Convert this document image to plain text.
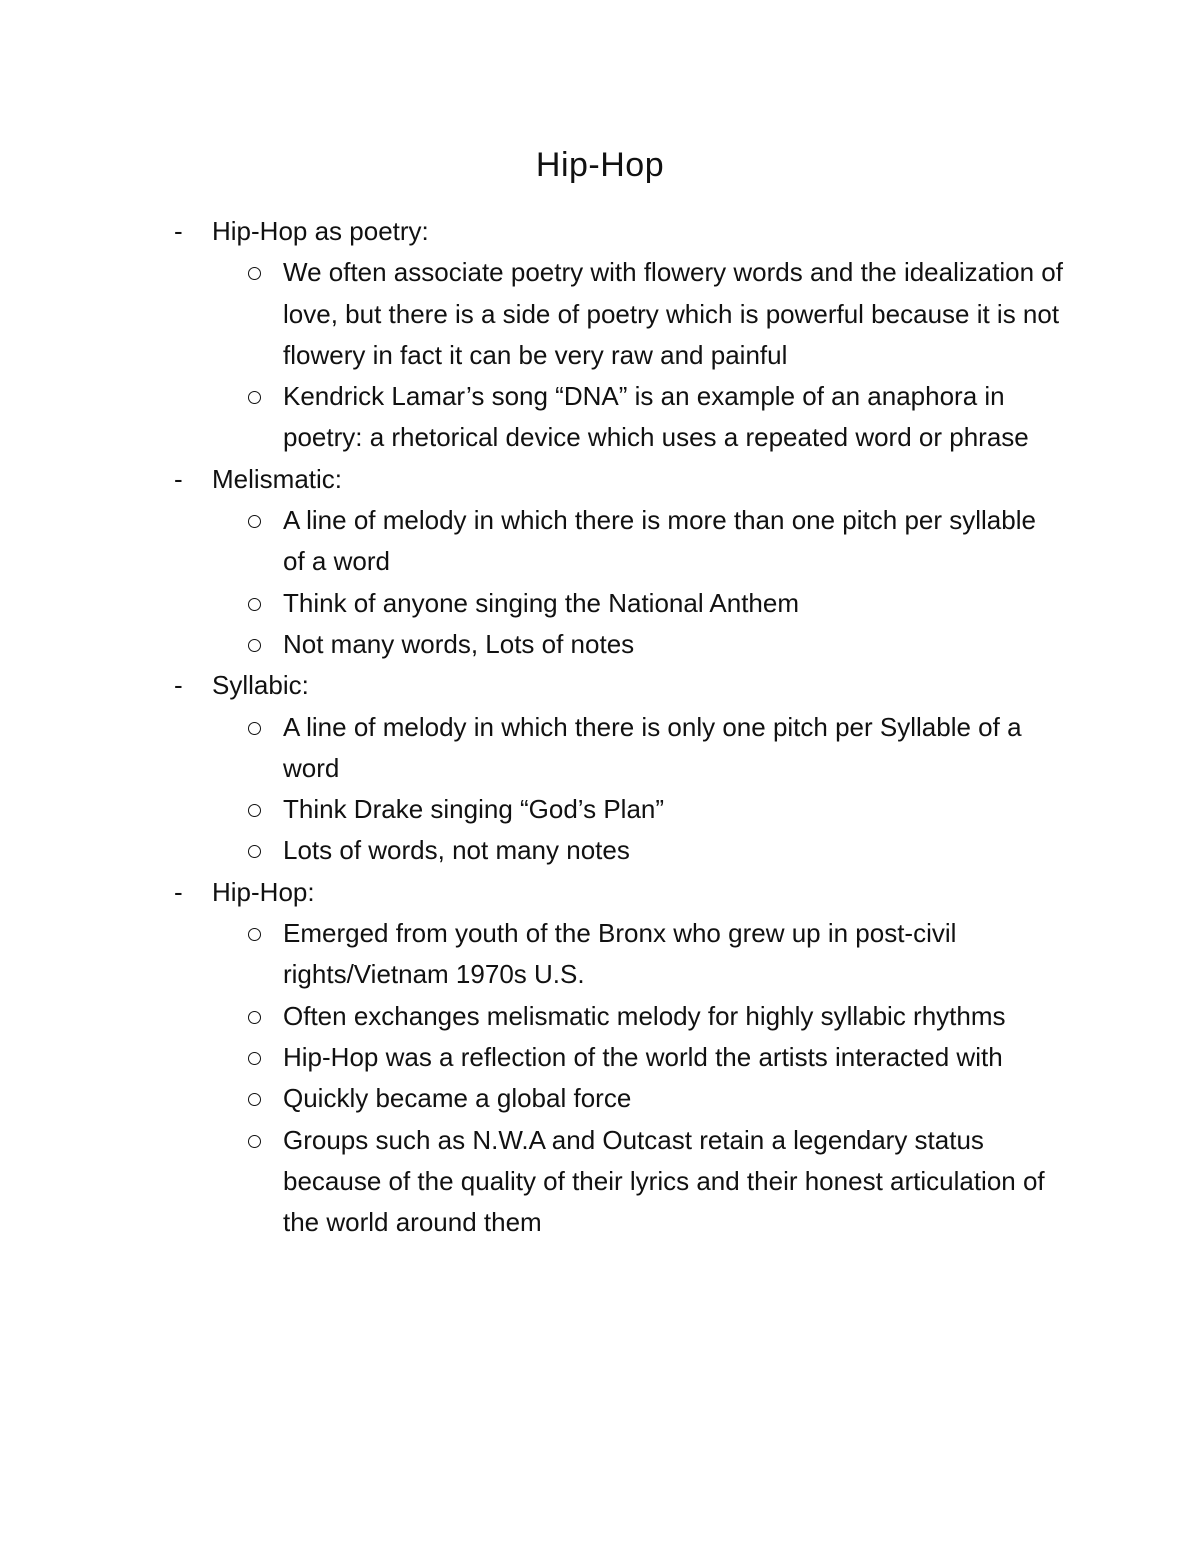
Hip-Hop
- Hip-Hop as poetry:
We often associate poetry with flowery words and the idealization of love, but there is a side of poetry which is powerful because it is not flowery in fact it can be very raw and painful
Kendrick Lamar’s song “DNA” is an example of an anaphora in poetry: a rhetorical device which uses a repeated word or phrase
- Melismatic:
A line of melody in which there is more than one pitch per syllable of a word
Think of anyone singing the National Anthem
Not many words, Lots of notes
- Syllabic:
A line of melody in which there is only one pitch per Syllable of a word
Think Drake singing “God’s Plan”
Lots of words, not many notes
- Hip-Hop:
Emerged from youth of the Bronx who grew up in post-civil rights/Vietnam 1970s U.S.
Often exchanges melismatic melody for highly syllabic rhythms
Hip-Hop was a reflection of the world the artists interacted with
Quickly became a global force
Groups such as N.W.A and Outcast retain a legendary status because of the quality of their lyrics and their honest articulation of the world around them
